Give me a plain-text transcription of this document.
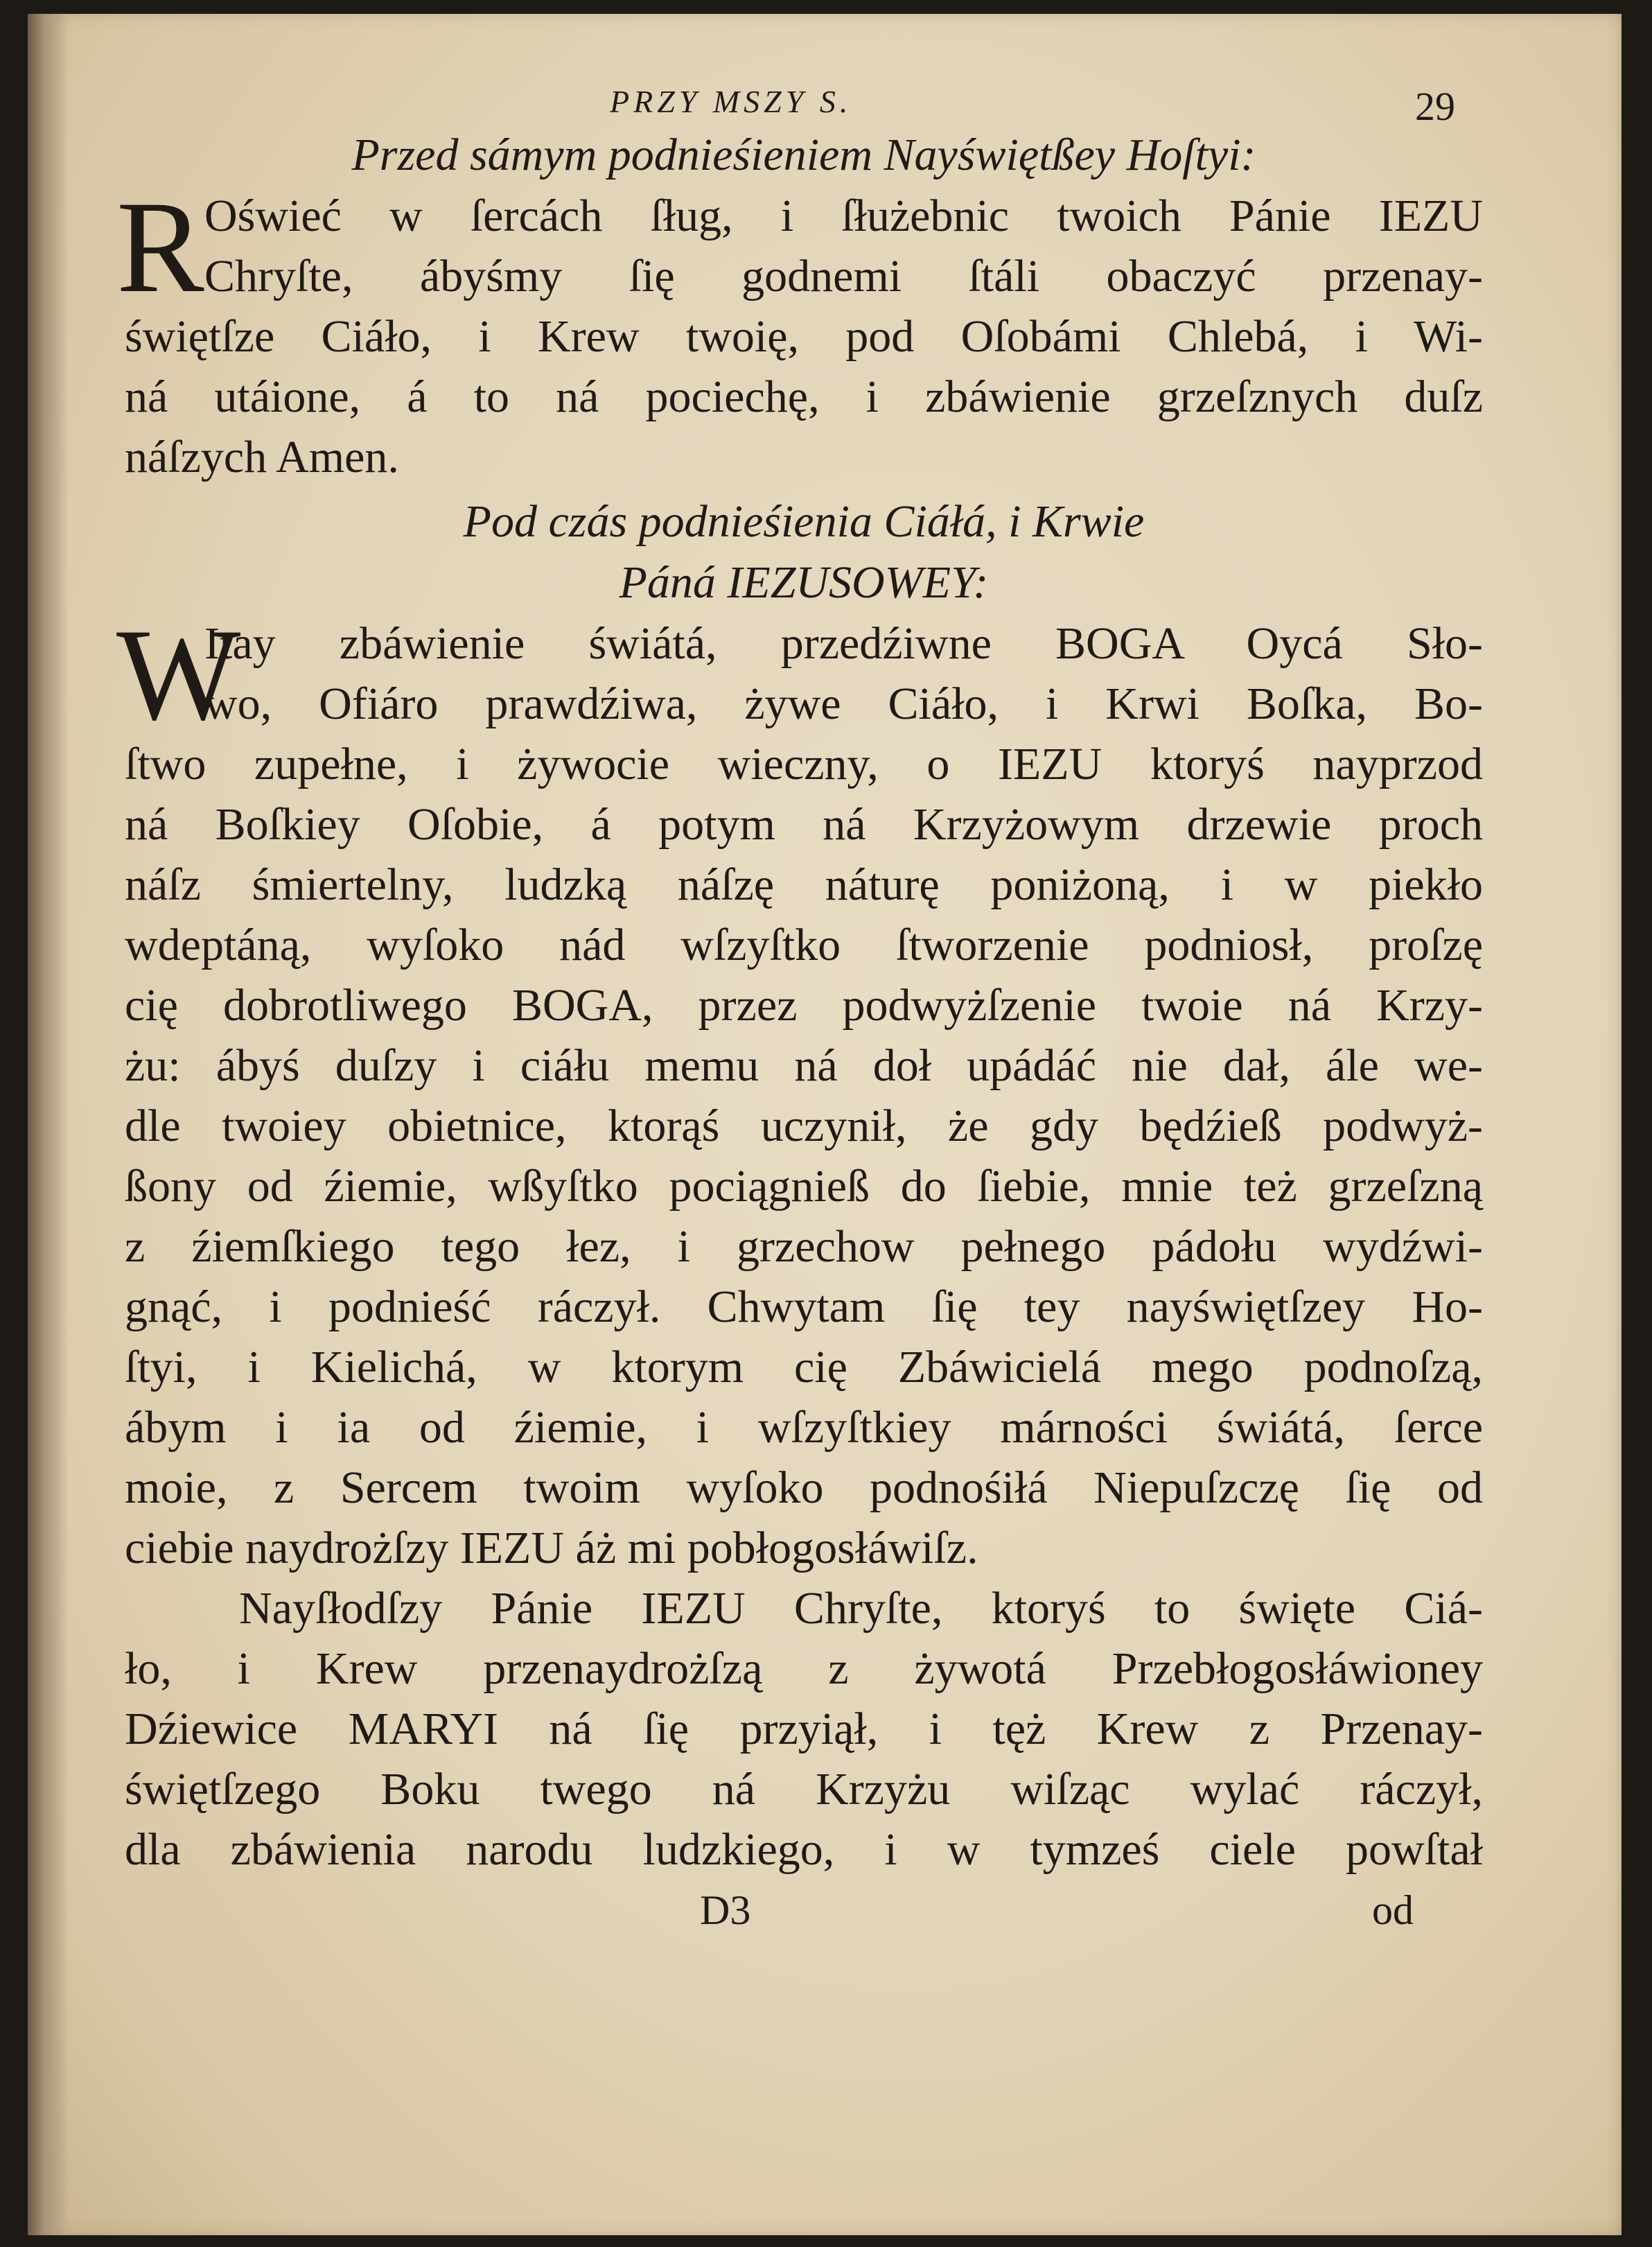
PRZY MSZY S.	29

Przed sámym podnieśieniem Nayświętßey Hoſtyi:

R Oświeć w ſercách ſług, i ſłużebnic twoich Pánie IEZU
Chryſte, ábyśmy ſię godnemi ſtáli obaczyć przenay-
świętſze Ciáło, i Krew twoię, pod Oſobámi Chlebá, i Wi-
ná utáione, á to ná pociechę, i zbáwienie grzeſznych duſz
náſzych Amen.

Pod czás podnieśienia Ciáłá, i Krwie

Páná IEZUSOWEY:

W
Itay zbáwienie świátá, przedźiwne BOGA Oycá Sło-
wo, Ofiáro prawdźiwa, żywe Ciáło, i Krwi Boſka, Bo-
ſtwo zupełne, i żywocie wieczny, o IEZU ktoryś nayprzod
ná Boſkiey Oſobie, á potym ná Krzyżowym drzewie proch
náſz śmiertelny, ludzką náſzę náturę poniżoną, i w piekło
wdeptáną, wyſoko nád wſzyſtko ſtworzenie podniosł, proſzę
cię dobrotliwego BOGA, przez podwyżſzenie twoie ná Krzy-
żu: ábyś duſzy i ciáłu memu ná doł upádáć nie dał, ále we-
dle twoiey obietnice, ktorąś uczynił, że gdy będźieß podwyż-
ßony od źiemie, wßyſtko pociągnieß do ſiebie, mnie też grzeſzną
z źiemſkiego tego łez, i grzechow pełnego pádołu wydźwi-
gnąć, i podnieść ráczył. Chwytam ſię tey nayświętſzey Ho-
ſtyi, i Kielichá, w ktorym cię Zbáwicielá mego podnoſzą,
ábym i ia od źiemie, i wſzyſtkiey márności świátá, ſerce
moie, z Sercem twoim wyſoko podnośiłá Niepuſzczę ſię od
ciebie naydrożſzy IEZU áż mi pobłogosłáwiſz.
Nayſłodſzy Pánie IEZU Chryſte, ktoryś to święte Ciá-
ło, i Krew przenaydrożſzą z żywotá Przebłogosłáwioney
Dźiewice MARYI ná ſię przyiął, i tęż Krew z Przenay-
świętſzego Boku twego ná Krzyżu wiſząc wylać ráczył,
dla zbáwienia narodu ludzkiego, i w tymześ ciele powſtał
D3	od
